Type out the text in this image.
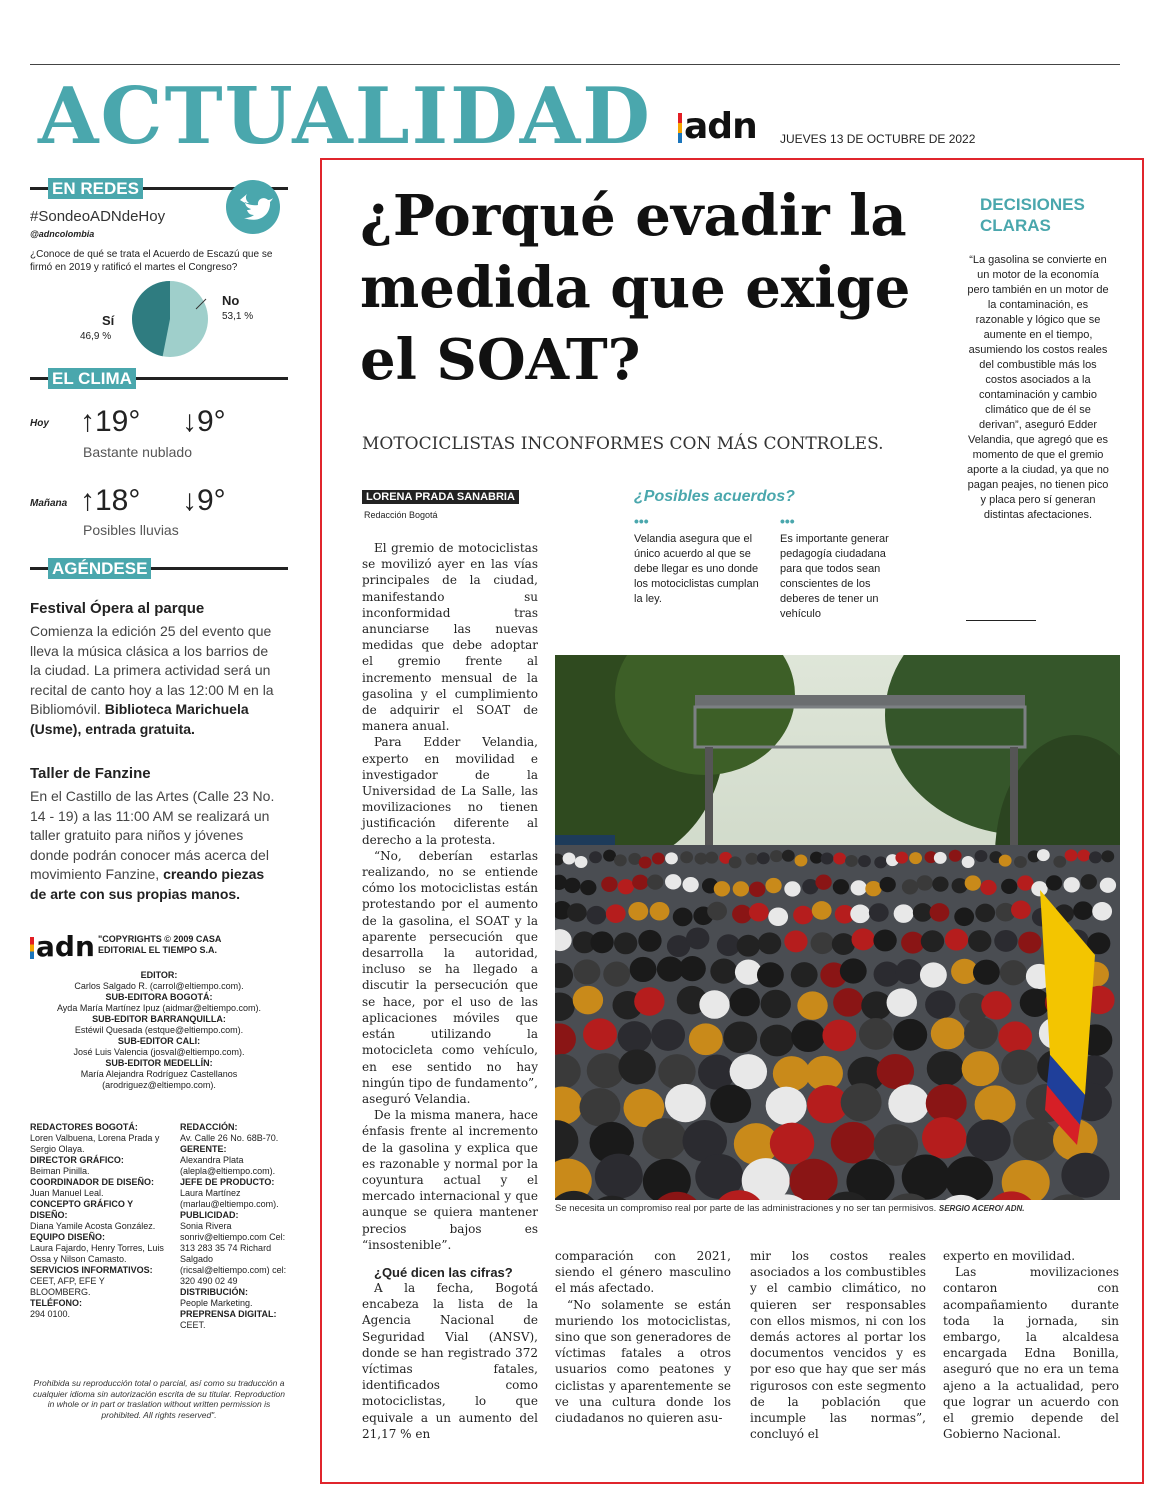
ACTUALIDAD adn JUEVES 13 DE OCTUBRE DE 2022
EN REDES
#SondeoADNdeHoy
@adncolombia
¿Conoce de qué se trata el Acuerdo de Escazú que se firmó en 2019 y ratificó el martes el Congreso?
No
53,1 %
Sí
46,9 %
EL CLIMA
Hoy ↑19° ↓9°
Bastante nublado
Mañana ↑18° ↓9°
Posibles lluvias
AGÉNDESE
Festival Ópera al parque
Comienza la edición 25 del evento que lleva la música clásica a los barrios de la ciudad. La primera actividad será un recital de canto hoy a las 12:00 M en la Bibliomóvil. Biblioteca Marichuela (Usme), entrada gratuita.
Taller de Fanzine
En el Castillo de las Artes (Calle 23 No. 14 - 19) a las 11:00 AM se realizará un taller gratuito para niños y jóvenes donde podrán conocer más acerca del movimiento Fanzine, creando piezas de arte con sus propias manos.
adn "COPYRIGHTS © 2009 CASA EDITORIAL EL TIEMPO S.A.
EDITOR:
Carlos Salgado R. (carrol@eltiempo.com).
SUB-EDITORA BOGOTÁ:
Ayda María Martínez Ipuz (aidmar@eltiempo.com).
SUB-EDITOR BARRANQUILLA:
Estéwil Quesada (estque@eltiempo.com).
SUB-EDITOR CALI:
José Luis Valencia (josval@eltiempo.com).
SUB-EDITOR MEDELLÍN:
María Alejandra Rodríguez Castellanos (arodriguez@eltiempo.com).
REDACTORES BOGOTÁ:
Loren Valbuena, Lorena Prada y Sergio Olaya.
DIRECTOR GRÁFICO:
Beiman Pinilla.
COORDINADOR DE DISEÑO:
Juan Manuel Leal.
CONCEPTO GRÁFICO Y DISEÑO:
Diana Yamile Acosta González.
EQUIPO DISEÑO:
Laura Fajardo, Henry Torres, Luis Ossa y Nilson Camasto.
SERVICIOS INFORMATIVOS:
CEET, AFP, EFE Y BLOOMBERG.
TELÉFONO:
294 0100.
REDACCIÓN:
Av. Calle 26 No. 68B-70.
GERENTE:
Alexandra Plata (alepla@eltiempo.com).
JEFE DE PRODUCTO:
Laura Martínez (marlau@eltiempo.com).
PUBLICIDAD:
Sonia Rivera sonriv@eltiempo.com Cel: 313 283 35 74 Richard Salgado (ricsal@eltiempo.com) cel: 320 490 02 49
DISTRIBUCIÓN:
People Marketing.
PREPRENSA DIGITAL:
CEET.
Prohibida su reproducción total o parcial, así como su traducción a cualquier idioma sin autorización escrita de su titular. Reproduction in whole or in part or traslation without written permission is prohibited. All rights reserved".
¿Porqué evadir la medida que exige el SOAT?
MOTOCICLISTAS INCONFORMES CON MÁS CONTROLES.
LORENA PRADA SANABRIA
Redacción Bogotá
DECISIONES CLARAS
“La gasolina se convierte en un motor de la economía pero también en un motor de la contaminación, es razonable y lógico que se aumente en el tiempo, asumiendo los costos reales del combustible más los costos asociados a la contaminación y cambio climático que de él se derivan”, aseguró Edder Velandia, que agregó que es momento de que el gremio aporte a la ciudad, ya que no pagan peajes, no tienen pico y placa pero sí generan distintas afectaciones.
¿Posibles acuerdos?
•••	•••
Velandia asegura que el único acuerdo al que se debe llegar es uno donde los motociclistas cumplan la ley.
Es importante generar pedagogía ciudadana para que todos sean conscientes de los deberes de tener un vehículo

El gremio de motociclistas se movilizó ayer en las vías principales de la ciudad, manifestando su inconformidad tras anunciarse las nuevas medidas que debe adoptar el gremio frente al incremento mensual de la gasolina y el cumplimiento de adquirir el SOAT de manera anual.

Para Edder Velandia, experto en movilidad e investigador de la Universidad de La Salle, las movilizaciones no tienen justificación diferente al derecho a la protesta.

“No, deberían estarlas realizando, no se entiende cómo los motociclistas están protestando por el aumento de la gasolina, el SOAT y la aparente persecución que desarrolla la autoridad, incluso se ha llegado a discutir la persecución que se hace, por el uso de las aplicaciones móviles que están utilizando la motocicleta como vehículo, en ese sentido no hay ningún tipo de fundamento”, aseguró Velandia.

De la misma manera, hace énfasis frente al incremento de la gasolina y explica que es razonable y normal por la coyuntura actual y el mercado internacional y que aunque se quiera mantener precios bajos es “insostenible”.

¿Qué dicen las cifras?

A la fecha, Bogotá encabeza la lista de la Agencia Nacional de Seguridad Vial (ANSV), donde se han registrado 372 víctimas fatales, identificados como motociclistas, lo que equivale a un aumento del 21,17 % en

Se necesita un compromiso real por parte de las administraciones y no ser tan permisivos. SERGIO ACERO/ ADN.

comparación con 2021, siendo el género masculino el más afectado.

“No solamente se están muriendo los motociclistas, sino que son generadores de víctimas fatales a otros usuarios como peatones y ciclistas y aparentemente se ve una cultura donde los ciudadanos no quieren asu-

mir los costos reales asociados a los combustibles y el cambio climático, no quieren ser responsables con ellos mismos, ni con los demás actores al portar los documentos vencidos y es por eso que hay que ser más rigurosos con este segmento de la población que incumple las normas”, concluyó el

experto en movilidad.

Las movilizaciones contaron con acompañamiento durante toda la jornada, sin embargo, la alcaldesa encargada Edna Bonilla, aseguró que no era un tema ajeno a la actualidad, pero que lograr un acuerdo con el gremio depende del Gobierno Nacional.
